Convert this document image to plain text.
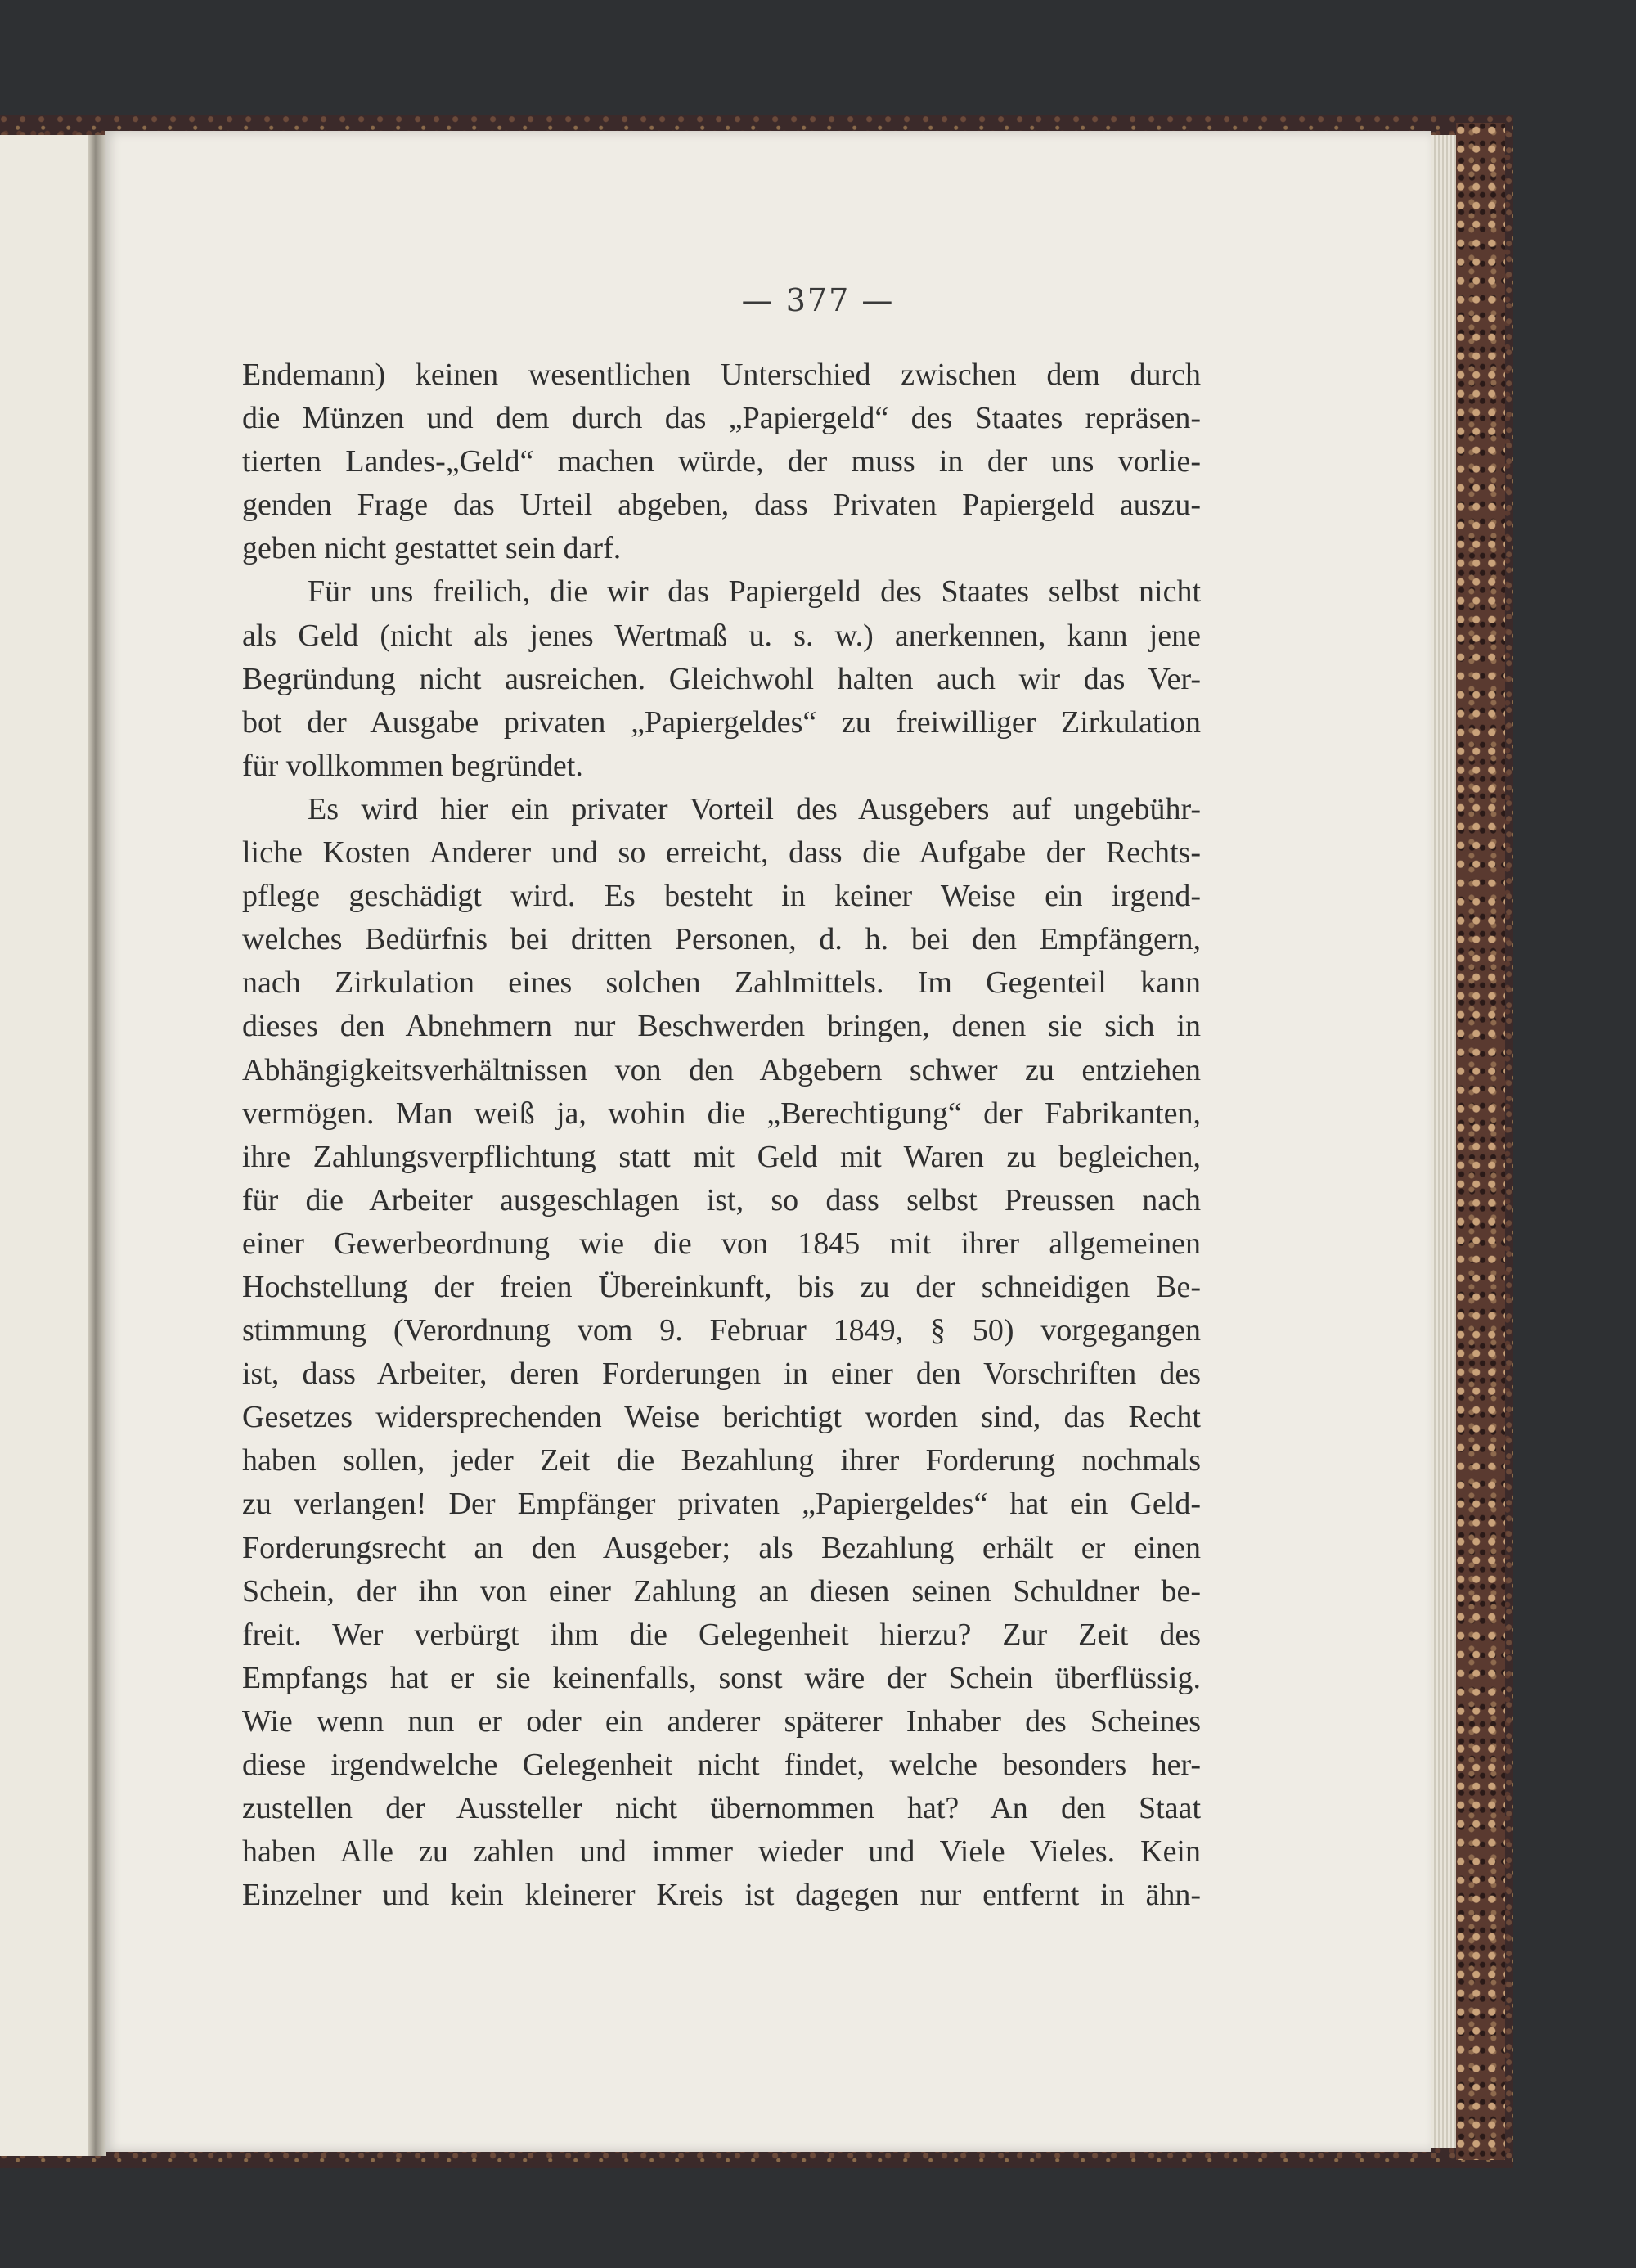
— 377 —

Endemann) keinen wesentlichen Unterschied zwischen dem durch
die Münzen und dem durch das „Papiergeld“ des Staates repräsen-
tierten Landes-„Geld“ machen würde, der muss in der uns vorlie-
genden Frage das Urteil abgeben, dass Privaten Papiergeld auszu-
geben nicht gestattet sein darf.
Für uns freilich, die wir das Papiergeld des Staates selbst nicht
als Geld (nicht als jenes Wertmaß u. s. w.) anerkennen, kann jene
Begründung nicht ausreichen. Gleichwohl halten auch wir das Ver-
bot der Ausgabe privaten „Papiergeldes“ zu freiwilliger Zirkulation
für vollkommen begründet.
Es wird hier ein privater Vorteil des Ausgebers auf ungebühr-
liche Kosten Anderer und so erreicht, dass die Aufgabe der Rechts-
pflege geschädigt wird. Es besteht in keiner Weise ein irgend-
welches Bedürfnis bei dritten Personen, d. h. bei den Empfängern,
nach Zirkulation eines solchen Zahlmittels. Im Gegenteil kann
dieses den Abnehmern nur Beschwerden bringen, denen sie sich in
Abhängigkeitsverhältnissen von den Abgebern schwer zu entziehen
vermögen. Man weiß ja, wohin die „Berechtigung“ der Fabrikanten,
ihre Zahlungsverpflichtung statt mit Geld mit Waren zu begleichen,
für die Arbeiter ausgeschlagen ist, so dass selbst Preussen nach
einer Gewerbeordnung wie die von 1845 mit ihrer allgemeinen
Hochstellung der freien Übereinkunft, bis zu der schneidigen Be-
stimmung (Verordnung vom 9. Februar 1849, § 50) vorgegangen
ist, dass Arbeiter, deren Forderungen in einer den Vorschriften des
Gesetzes widersprechenden Weise berichtigt worden sind, das Recht
haben sollen, jeder Zeit die Bezahlung ihrer Forderung nochmals
zu verlangen! Der Empfänger privaten „Papiergeldes“ hat ein Geld-
Forderungsrecht an den Ausgeber; als Bezahlung erhält er einen
Schein, der ihn von einer Zahlung an diesen seinen Schuldner be-
freit. Wer verbürgt ihm die Gelegenheit hierzu? Zur Zeit des
Empfangs hat er sie keinenfalls, sonst wäre der Schein überflüssig.
Wie wenn nun er oder ein anderer späterer Inhaber des Scheines
diese irgendwelche Gelegenheit nicht findet, welche besonders her-
zustellen der Aussteller nicht übernommen hat? An den Staat
haben Alle zu zahlen und immer wieder und Viele Vieles. Kein
Einzelner und kein kleinerer Kreis ist dagegen nur entfernt in ähn-
